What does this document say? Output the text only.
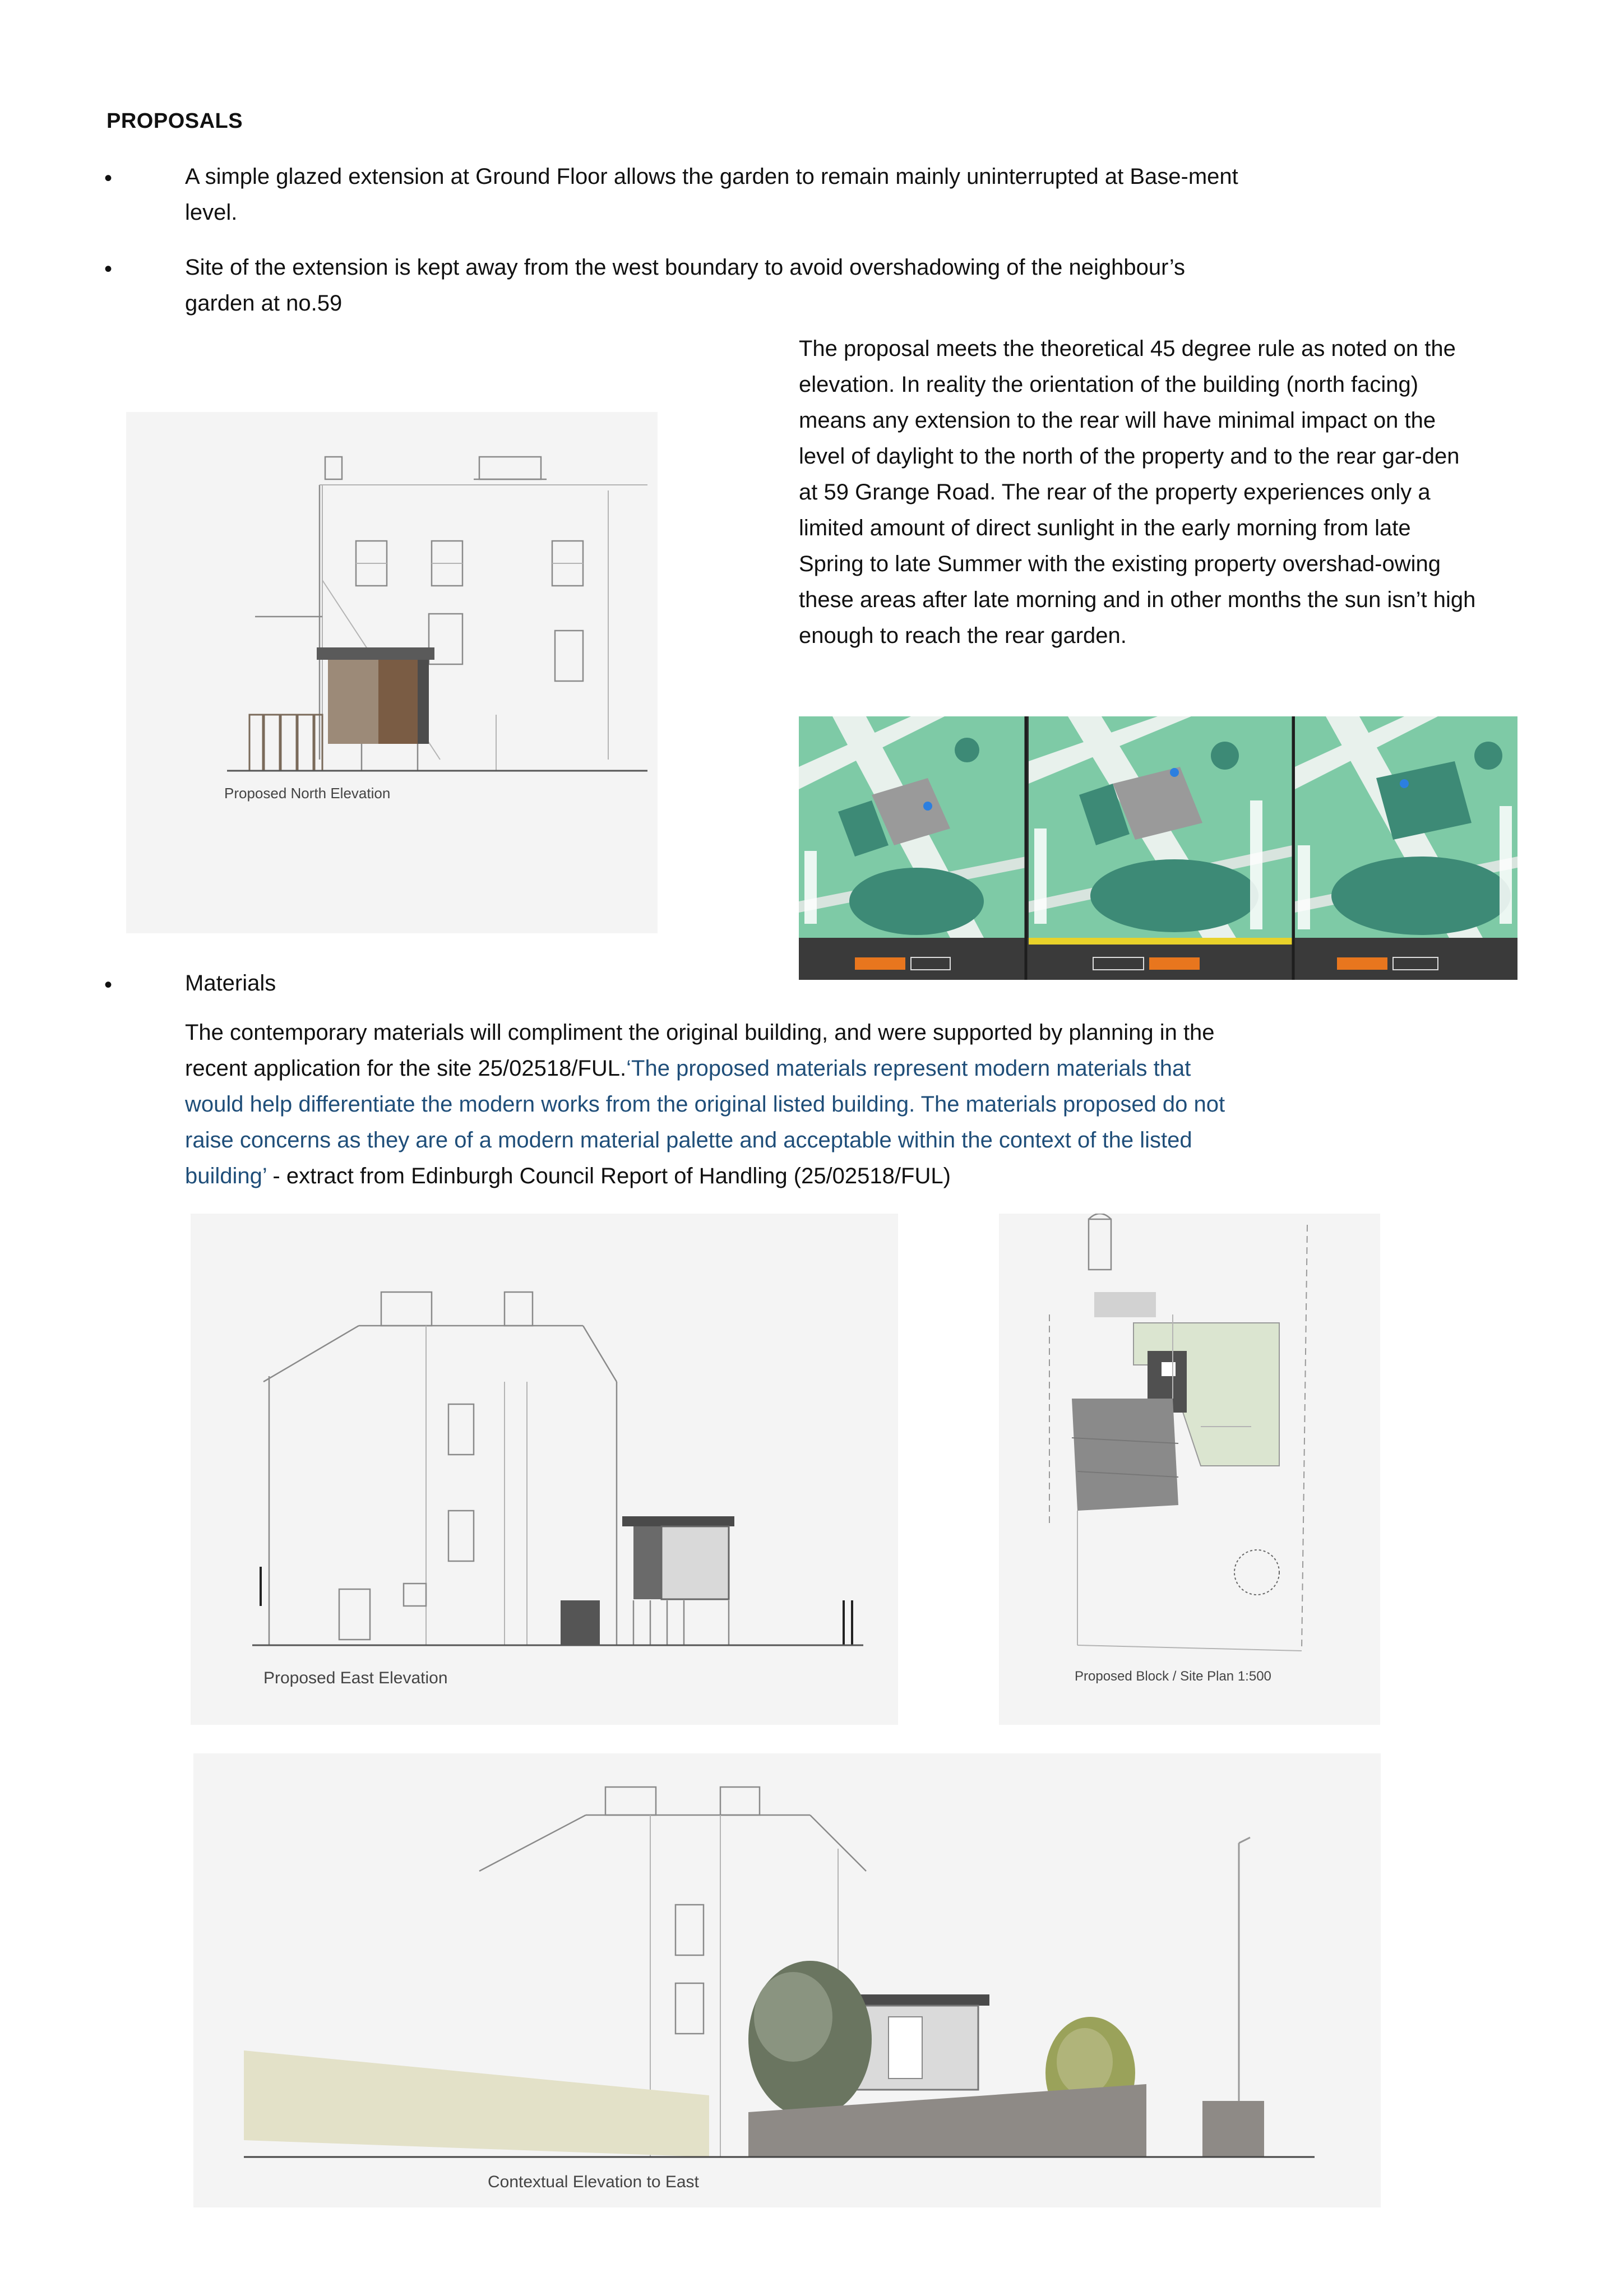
PROPOSALS
•	A simple glazed extension at Ground Floor allows the garden to remain mainly uninterrupted at Base-ment level.
•	Site of the extension is kept away from the west boundary to avoid overshadowing of the neighbour’s garden at no.59
The proposal meets the theoretical 45 degree rule as noted on the elevation. In reality the orientation of the building (north facing) means any extension to the rear will have minimal impact on the level of daylight to the north of the property and to the rear gar-den at 59 Grange Road. The rear of the property experiences only a limited amount of direct sunlight in the early morning from late Spring to late Summer with the existing property overshad-owing these areas after late morning and in other months the sun isn’t high enough to reach the rear garden.
Proposed North Elevation
•	Materials
The contemporary materials will compliment the original building, and were supported by planning in the recent application for the site 25/02518/FUL.‘The proposed materials represent modern materials that would help differentiate the modern works from the original listed building. The materials proposed do not raise concerns as they are of a modern material palette and acceptable within the context of the listed building’ - extract from Edinburgh Council Report of Handling (25/02518/FUL)
Proposed East Elevation	Proposed Block / Site Plan 1:500
Contextual Elevation to East
